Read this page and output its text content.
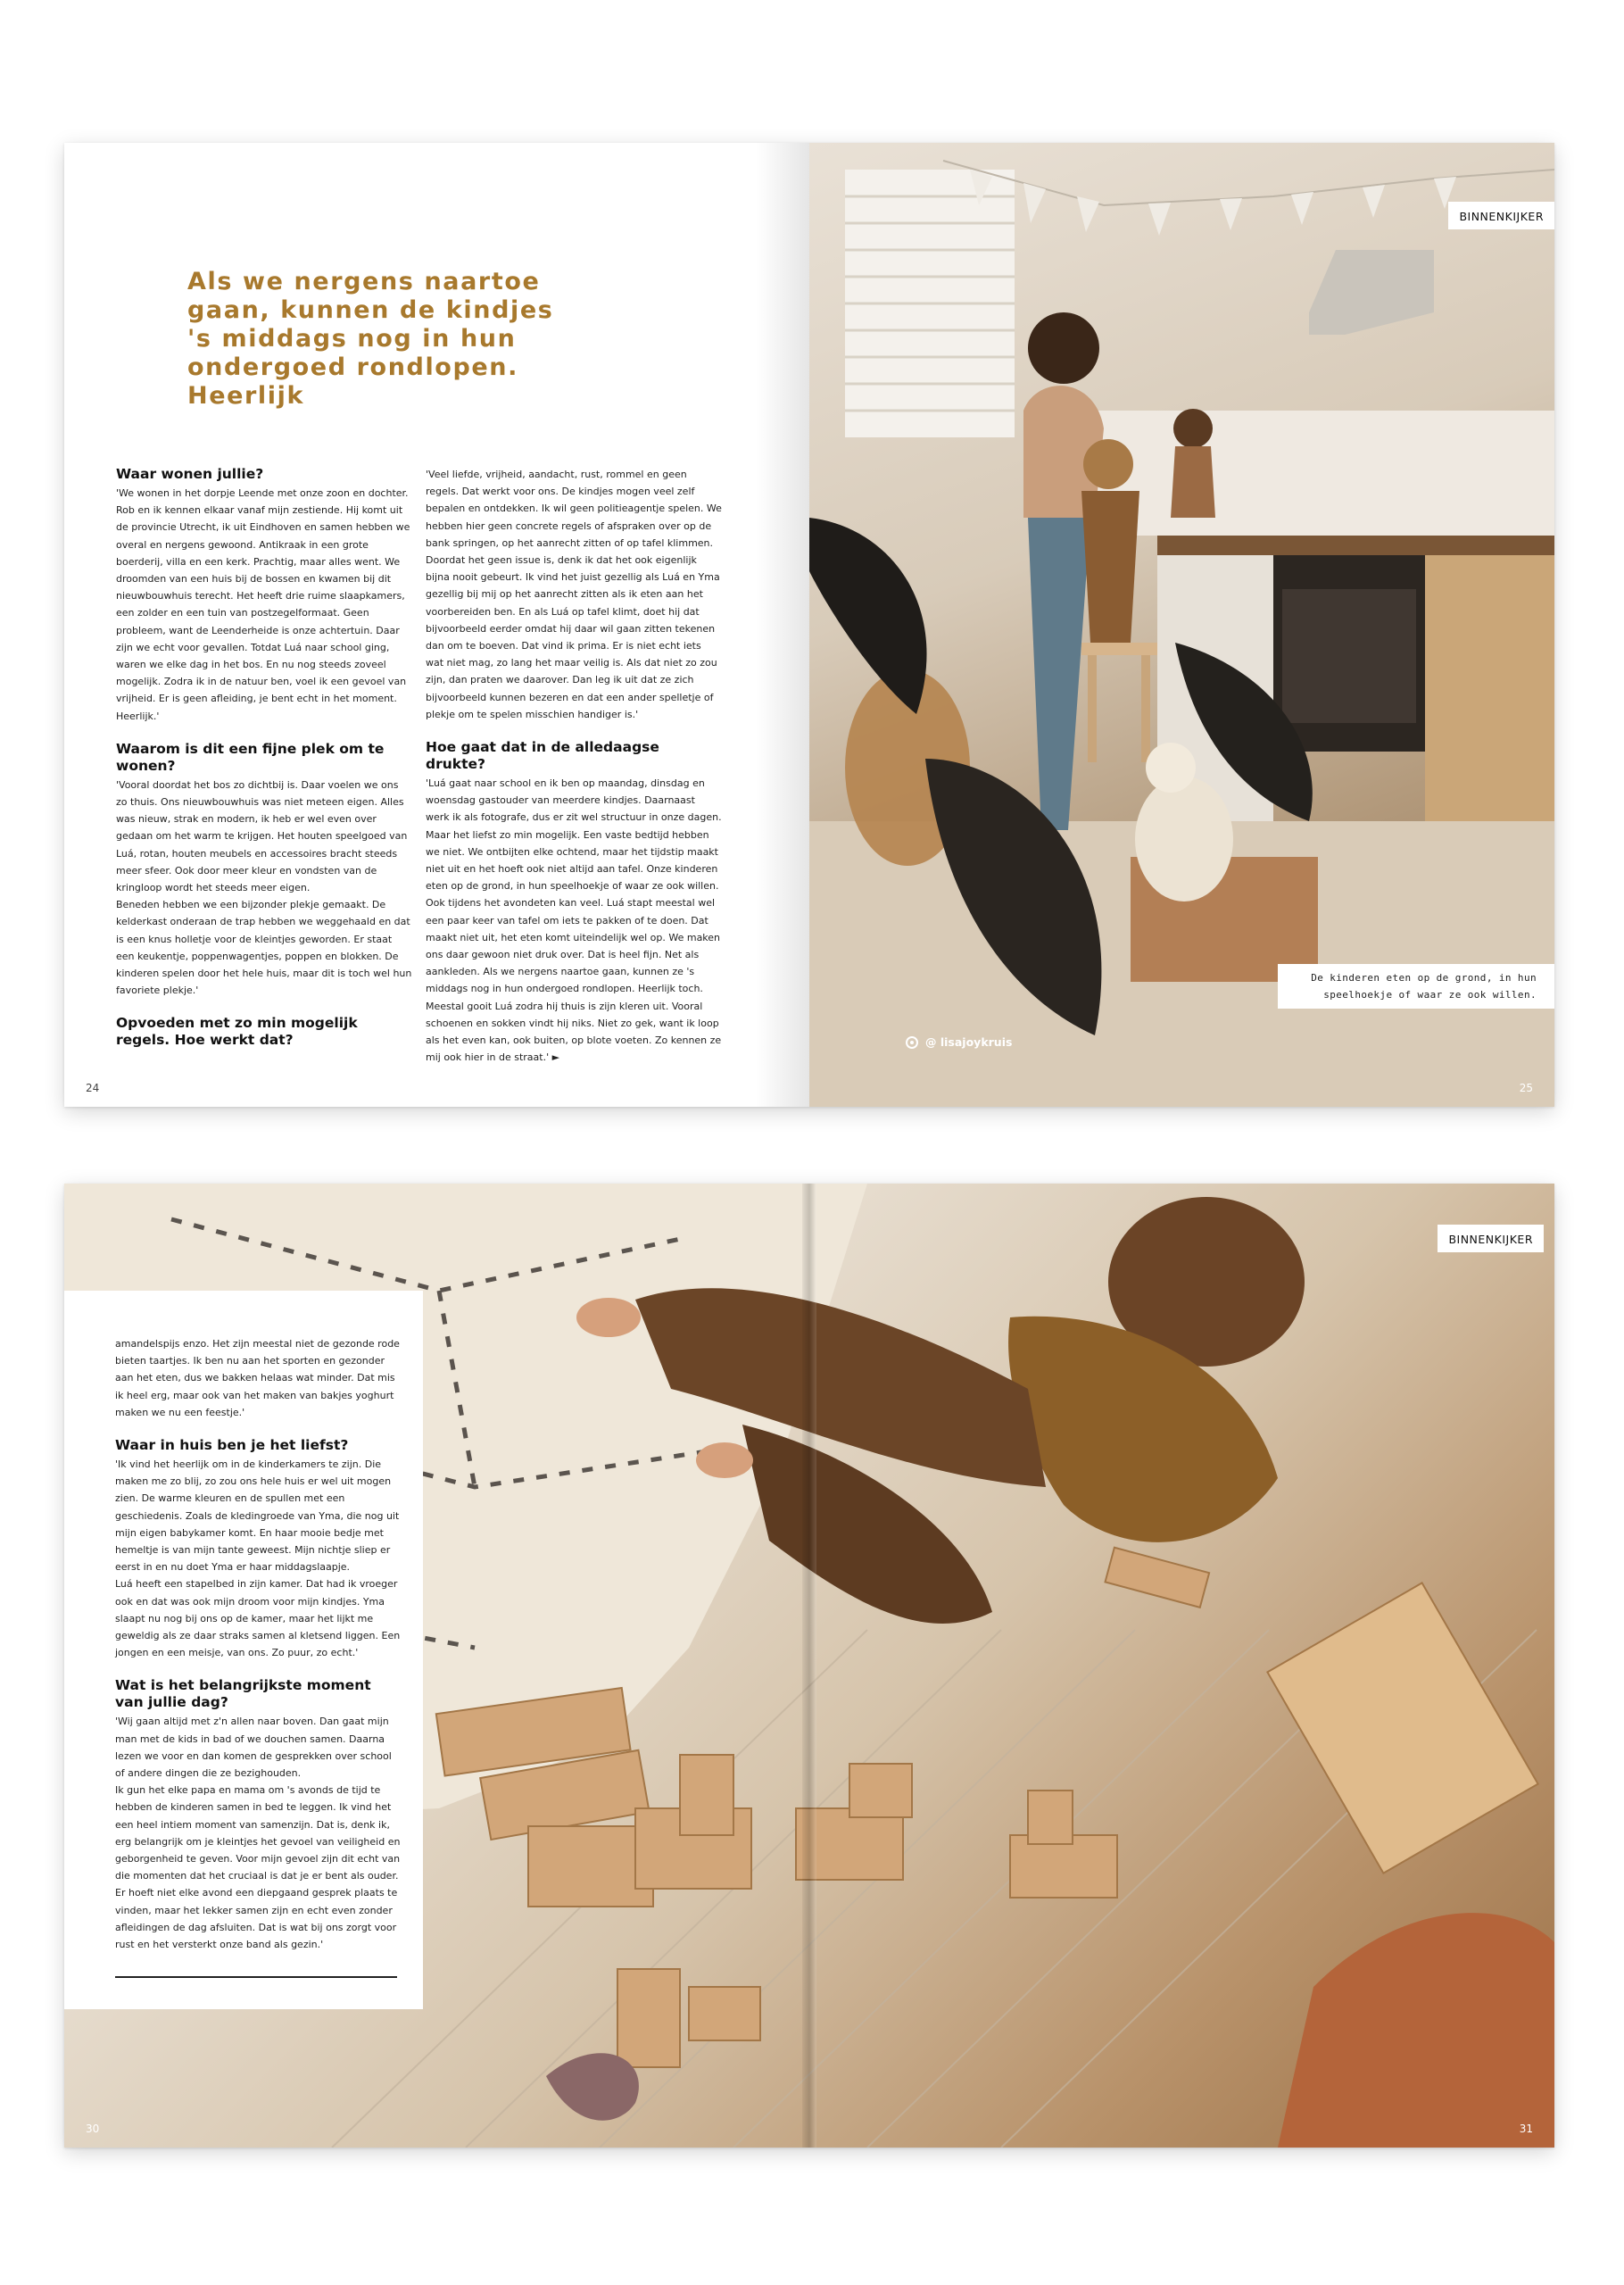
Als we nergens naartoe gaan, kunnen de kindjes 's middags nog in hun ondergoed rondlopen. Heerlijk
Waar wonen jullie?
'We wonen in het dorpje Leende met onze zoon en dochter. Rob en ik kennen elkaar vanaf mijn zestiende. Hij komt uit de provincie Utrecht, ik uit Eindhoven en samen hebben we overal en nergens gewoond. Antikraak in een grote boerderij, villa en een kerk. Prachtig, maar alles went. We droomden van een huis bij de bossen en kwamen bij dit nieuwbouwhuis terecht. Het heeft drie ruime slaapkamers, een zolder en een tuin van postzegelformaat. Geen probleem, want de Leenderheide is onze achtertuin. Daar zijn we echt voor gevallen. Totdat Luá naar school ging, waren we elke dag in het bos. En nu nog steeds zoveel mogelijk. Zodra ik in de natuur ben, voel ik een gevoel van vrijheid. Er is geen afleiding, je bent echt in het moment. Heerlijk.'
Waarom is dit een fijne plek om te wonen?
'Vooral doordat het bos zo dichtbij is. Daar voelen we ons zo thuis. Ons nieuwbouwhuis was niet meteen eigen. Alles was nieuw, strak en modern, ik heb er wel even over gedaan om het warm te krijgen. Het houten speelgoed van Luá, rotan, houten meubels en accessoires bracht steeds meer sfeer. Ook door meer kleur en vondsten van de kringloop wordt het steeds meer eigen.
Beneden hebben we een bijzonder plekje gemaakt. De kelderkast onderaan de trap hebben we weggehaald en dat is een knus holletje voor de kleintjes geworden. Er staat een keukentje, poppenwagentjes, poppen en blokken. De kinderen spelen door het hele huis, maar dit is toch wel hun favoriete plekje.'
Opvoeden met zo min mogelijk regels. Hoe werkt dat?
'Veel liefde, vrijheid, aandacht, rust, rommel en geen regels. Dat werkt voor ons. De kindjes mogen veel zelf bepalen en ontdekken. Ik wil geen politieagentje spelen. We hebben hier geen concrete regels of afspraken over op de bank springen, op het aanrecht zitten of op tafel klimmen. Doordat het geen issue is, denk ik dat het ook eigenlijk bijna nooit gebeurt. Ik vind het juist gezellig als Luá en Yma gezellig bij mij op het aanrecht zitten als ik eten aan het voorbereiden ben. En als Luá op tafel klimt, doet hij dat bijvoorbeeld eerder omdat hij daar wil gaan zitten tekenen dan om te boeven. Dat vind ik prima. Er is niet echt iets wat niet mag, zo lang het maar veilig is. Als dat niet zo zou zijn, dan praten we daarover. Dan leg ik uit dat ze zich bijvoorbeeld kunnen bezeren en dat een ander spelletje of plekje om te spelen misschien handiger is.'
Hoe gaat dat in de alledaagse drukte?
'Luá gaat naar school en ik ben op maandag, dinsdag en woensdag gastouder van meerdere kindjes. Daarnaast werk ik als fotografe, dus er zit wel structuur in onze dagen. Maar het liefst zo min mogelijk. Een vaste bedtijd hebben we niet. We ontbijten elke ochtend, maar het tijdstip maakt niet uit en het hoeft ook niet altijd aan tafel. Onze kinderen eten op de grond, in hun speelhoekje of waar ze ook willen. Ook tijdens het avondeten kan veel. Luá stapt meestal wel een paar keer van tafel om iets te pakken of te doen. Dat maakt niet uit, het eten komt uiteindelijk wel op. We maken ons daar gewoon niet druk over. Dat is heel fijn. Net als aankleden. Als we nergens naartoe gaan, kunnen ze 's middags nog in hun ondergoed rondlopen. Heerlijk toch. Meestal gooit Luá zodra hij thuis is zijn kleren uit. Vooral schoenen en sokken vindt hij niks. Niet zo gek, want ik loop als het even kan, ook buiten, op blote voeten. Zo kennen ze mij ook hier in de straat.' ►
24
BINNENKIJKER
De kinderen eten op de grond, in hun speelhoekje of waar ze ook willen.
@ lisajoykruis
25
amandelspijs enzo. Het zijn meestal niet de gezonde rode bieten taartjes. Ik ben nu aan het sporten en gezonder aan het eten, dus we bakken helaas wat minder. Dat mis ik heel erg, maar ook van het maken van bakjes yoghurt maken we nu een feestje.'
Waar in huis ben je het liefst?
'Ik vind het heerlijk om in de kinderkamers te zijn. Die maken me zo blij, zo zou ons hele huis er wel uit mogen zien. De warme kleuren en de spullen met een geschiedenis. Zoals de kledingroede van Yma, die nog uit mijn eigen babykamer komt. En haar mooie bedje met hemeltje is van mijn tante geweest. Mijn nichtje sliep er eerst in en nu doet Yma er haar middagslaapje.
Luá heeft een stapelbed in zijn kamer. Dat had ik vroeger ook en dat was ook mijn droom voor mijn kindjes. Yma slaapt nu nog bij ons op de kamer, maar het lijkt me geweldig als ze daar straks samen al kletsend liggen. Een jongen en een meisje, van ons. Zo puur, zo echt.'
Wat is het belangrijkste moment van jullie dag?
'Wij gaan altijd met z'n allen naar boven. Dan gaat mijn man met de kids in bad of we douchen samen. Daarna lezen we voor en dan komen de gesprekken over school of andere dingen die ze bezighouden.
Ik gun het elke papa en mama om 's avonds de tijd te hebben de kinderen samen in bed te leggen. Ik vind het een heel intiem moment van samenzijn. Dat is, denk ik, erg belangrijk om je kleintjes het gevoel van veiligheid en geborgenheid te geven. Voor mijn gevoel zijn dit echt van die momenten dat het cruciaal is dat je er bent als ouder. Er hoeft niet elke avond een diepgaand gesprek plaats te vinden, maar het lekker samen zijn en echt even zonder afleidingen de dag afsluiten. Dat is wat bij ons zorgt voor rust en het versterkt onze band als gezin.'
BINNENKIJKER
30	31
